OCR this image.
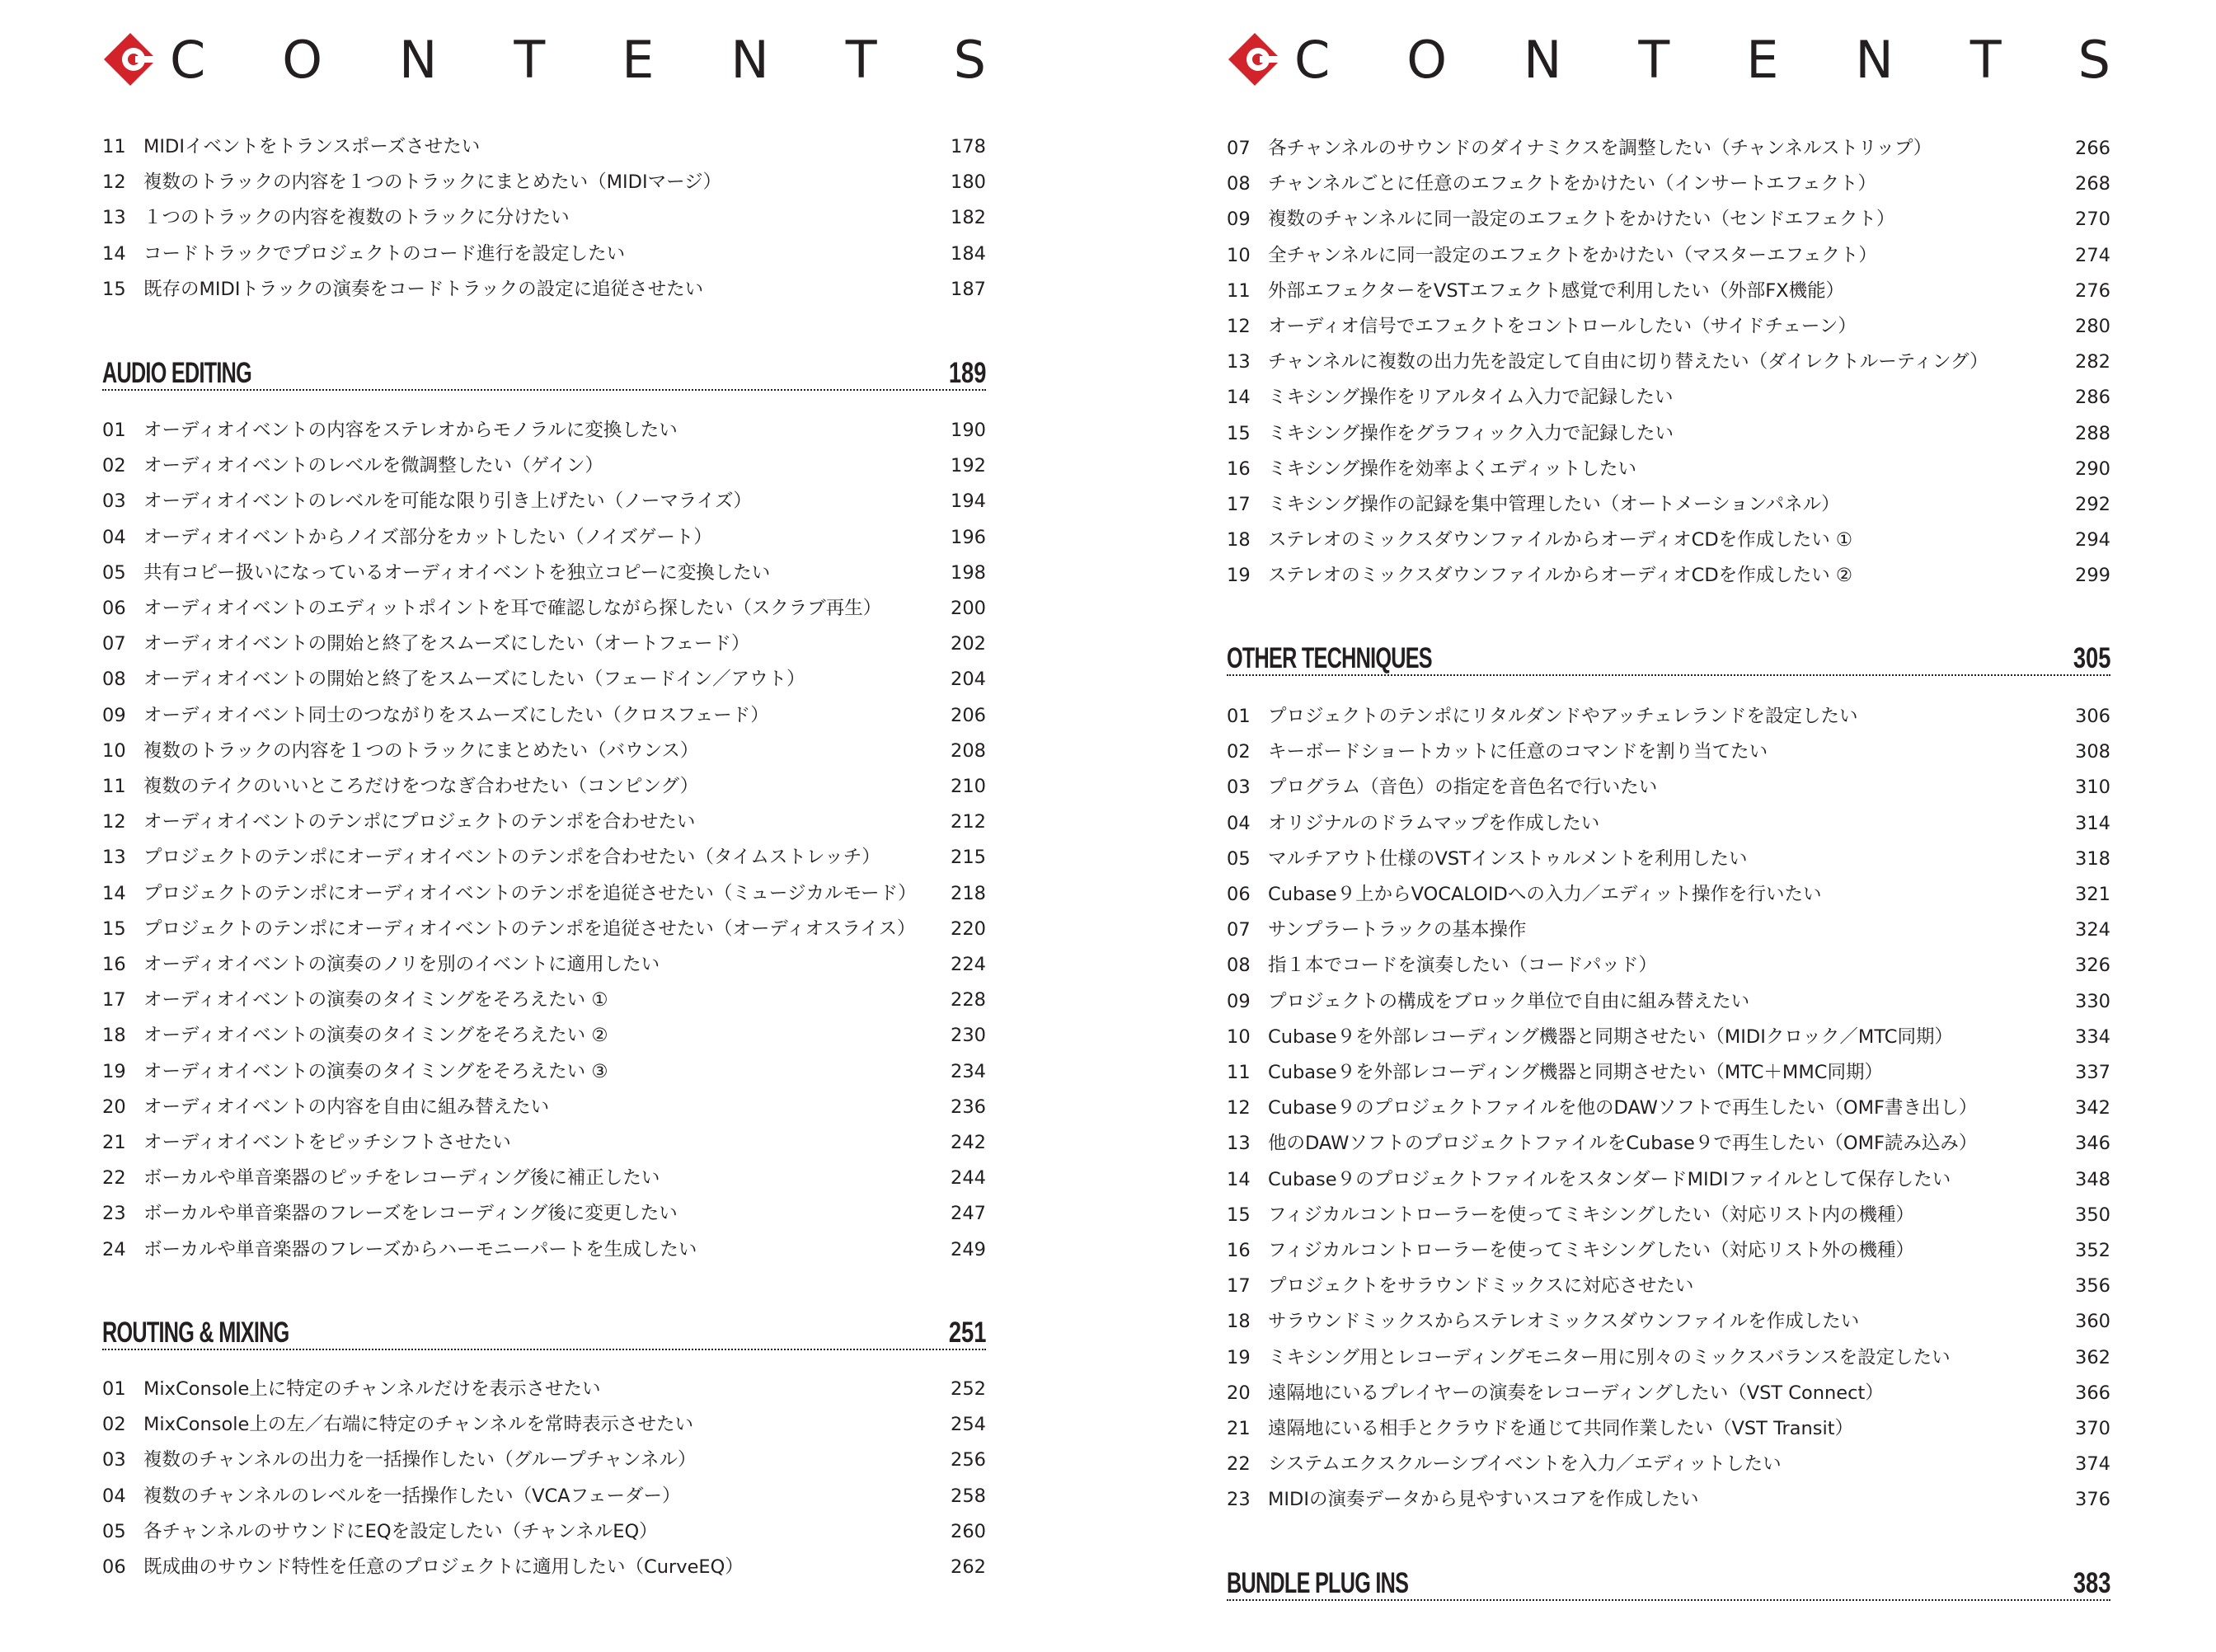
C O N T E N T S
11 MIDIイベントをトランスポーズさせたい	178
12 複数のトラックの内容を１つのトラックにまとめたい（MIDIマージ）	180
13 １つのトラックの内容を複数のトラックに分けたい	182
14 コードトラックでプロジェクトのコード進行を設定したい	184
15 既存のMIDIトラックの演奏をコードトラックの設定に追従させたい	187
AUDIO EDITING	189
01 オーディオイベントの内容をステレオからモノラルに変換したい	190
02 オーディオイベントのレベルを微調整したい（ゲイン）	192
03 オーディオイベントのレベルを可能な限り引き上げたい（ノーマライズ）	194
04 オーディオイベントからノイズ部分をカットしたい（ノイズゲート）	196
05 共有コピー扱いになっているオーディオイベントを独立コピーに変換したい	198
06 オーディオイベントのエディットポイントを耳で確認しながら探したい（スクラブ再生）	200
07 オーディオイベントの開始と終了をスムーズにしたい（オートフェード）	202
08 オーディオイベントの開始と終了をスムーズにしたい（フェードイン／アウト）	204
09 オーディオイベント同士のつながりをスムーズにしたい（クロスフェード）	206
10 複数のトラックの内容を１つのトラックにまとめたい（バウンス）	208
11 複数のテイクのいいところだけをつなぎ合わせたい（コンピング）	210
12 オーディオイベントのテンポにプロジェクトのテンポを合わせたい	212
13 プロジェクトのテンポにオーディオイベントのテンポを合わせたい（タイムストレッチ）	215
14 プロジェクトのテンポにオーディオイベントのテンポを追従させたい（ミュージカルモード） 218
15 プロジェクトのテンポにオーディオイベントのテンポを追従させたい（オーディオスライス） 220
16 オーディオイベントの演奏のノリを別のイベントに適用したい	224
17 オーディオイベントの演奏のタイミングをそろえたい ①	228
18 オーディオイベントの演奏のタイミングをそろえたい ②	230
19 オーディオイベントの演奏のタイミングをそろえたい ③	234
20 オーディオイベントの内容を自由に組み替えたい	236
21 オーディオイベントをピッチシフトさせたい	242
22 ボーカルや単音楽器のピッチをレコーディング後に補正したい	244
23 ボーカルや単音楽器のフレーズをレコーディング後に変更したい	247
24 ボーカルや単音楽器のフレーズからハーモニーパートを生成したい	249
ROUTING & MIXING	251
01 MixConsole上に特定のチャンネルだけを表示させたい	252
02 MixConsole上の左／右端に特定のチャンネルを常時表示させたい	254
03 複数のチャンネルの出力を一括操作したい（グループチャンネル）	256
04 複数のチャンネルのレベルを一括操作したい（VCAフェーダー）	258
05 各チャンネルのサウンドにEQを設定したい（チャンネルEQ）	260
06 既成曲のサウンド特性を任意のプロジェクトに適用したい（CurveEQ）	262
C O N T E N T S
07 各チャンネルのサウンドのダイナミクスを調整したい（チャンネルストリップ）	266
08 チャンネルごとに任意のエフェクトをかけたい（インサートエフェクト）	268
09 複数のチャンネルに同一設定のエフェクトをかけたい（センドエフェクト）	270
10 全チャンネルに同一設定のエフェクトをかけたい（マスターエフェクト）	274
11 外部エフェクターをVSTエフェクト感覚で利用したい（外部FX機能）	276
12 オーディオ信号でエフェクトをコントロールしたい（サイドチェーン）	280
13 チャンネルに複数の出力先を設定して自由に切り替えたい（ダイレクトルーティング）	282
14 ミキシング操作をリアルタイム入力で記録したい	286
15 ミキシング操作をグラフィック入力で記録したい	288
16 ミキシング操作を効率よくエディットしたい	290
17 ミキシング操作の記録を集中管理したい（オートメーションパネル）	292
18 ステレオのミックスダウンファイルからオーディオCDを作成したい ①	294
19 ステレオのミックスダウンファイルからオーディオCDを作成したい ②	299
OTHER TECHNIQUES	305
01 プロジェクトのテンポにリタルダンドやアッチェレランドを設定したい	306
02 キーボードショートカットに任意のコマンドを割り当てたい	308
03 プログラム（音色）の指定を音色名で行いたい	310
04 オリジナルのドラムマップを作成したい	314
05 マルチアウト仕様のVSTインストゥルメントを利用したい	318
06 Cubase９上からVOCALOIDへの入力／エディット操作を行いたい	321
07 サンプラートラックの基本操作	324
08 指１本でコードを演奏したい（コードパッド）	326
09 プロジェクトの構成をブロック単位で自由に組み替えたい	330
10 Cubase９を外部レコーディング機器と同期させたい（MIDIクロック／MTC同期）	334
11 Cubase９を外部レコーディング機器と同期させたい（MTC＋MMC同期）	337
12 Cubase９のプロジェクトファイルを他のDAWソフトで再生したい（OMF書き出し）	342
13 他のDAWソフトのプロジェクトファイルをCubase９で再生したい（OMF読み込み）	346
14 Cubase９のプロジェクトファイルをスタンダードMIDIファイルとして保存したい	348
15 フィジカルコントローラーを使ってミキシングしたい（対応リスト内の機種）	350
16 フィジカルコントローラーを使ってミキシングしたい（対応リスト外の機種）	352
17 プロジェクトをサラウンドミックスに対応させたい	356
18 サラウンドミックスからステレオミックスダウンファイルを作成したい	360
19 ミキシング用とレコーディングモニター用に別々のミックスバランスを設定したい	362
20 遠隔地にいるプレイヤーの演奏をレコーディングしたい（VST Connect）	366
21 遠隔地にいる相手とクラウドを通じて共同作業したい（VST Transit）	370
22 システムエクスクルーシブイベントを入力／エディットしたい	374
23 MIDIの演奏データから見やすいスコアを作成したい	376
BUNDLE PLUG INS	383
